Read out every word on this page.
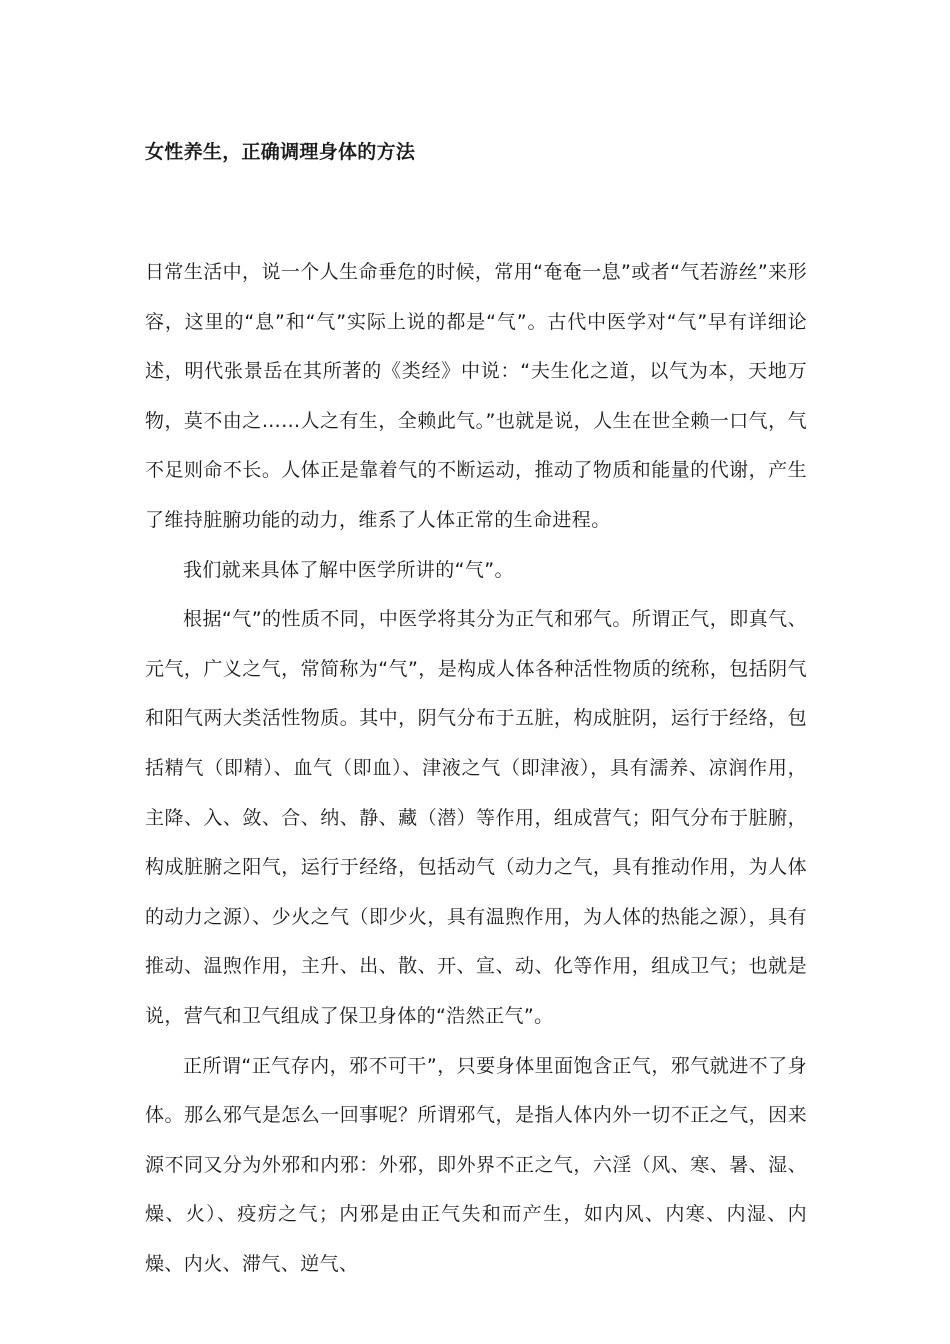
女性养生，正确调理身体的方法

日常生活中，说一个人生命垂危的时候，常用“奄奄一息”或者“气若游丝”来形容，这里的“息”和“气”实际上说的都是“气”。古代中医学对“气”早有详细论述，明代张景岳在其所著的《类经》中说：“夫生化之道，以气为本，天地万物，莫不由之……人之有生，全赖此气。”也就是说，人生在世全赖一口气，气不足则命不长。人体正是靠着气的不断运动，推动了物质和能量的代谢，产生了维持脏腑功能的动力，维系了人体正常的生命进程。

我们就来具体了解中医学所讲的“气”。

根据“气”的性质不同，中医学将其分为正气和邪气。所谓正气，即真气、元气，广义之气，常简称为“气”，是构成人体各种活性物质的统称，包括阴气和阳气两大类活性物质。其中，阴气分布于五脏，构成脏阴，运行于经络，包括精气（即精）、血气（即血）、津液之气（即津液），具有濡养、凉润作用，主降、入、敛、合、纳、静、藏（潜）等作用，组成营气；阳气分布于脏腑，构成脏腑之阳气，运行于经络，包括动气（动力之气，具有推动作用，为人体的动力之源）、少火之气（即少火，具有温煦作用，为人体的热能之源），具有推动、温煦作用，主升、出、散、开、宣、动、化等作用，组成卫气；也就是说，营气和卫气组成了保卫身体的“浩然正气”。

正所谓“正气存内，邪不可干”，只要身体里面饱含正气，邪气就进不了身体。那么邪气是怎么一回事呢？所谓邪气，是指人体内外一切不正之气，因来源不同又分为外邪和内邪：外邪，即外界不正之气，六淫（风、寒、暑、湿、燥、火）、疫疠之气；内邪是由正气失和而产生，如内风、内寒、内湿、内燥、内火、滞气、逆气、
